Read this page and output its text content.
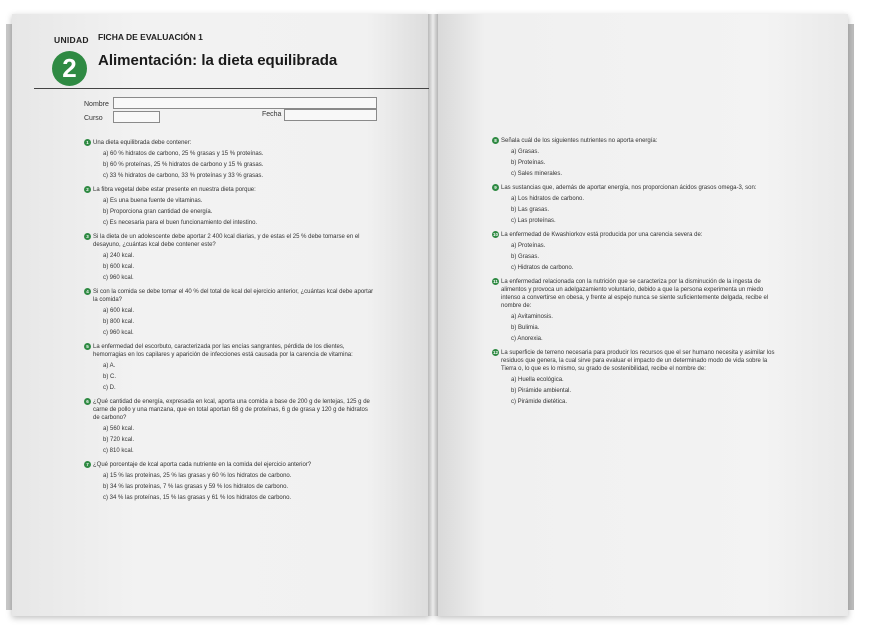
UNIDAD FICHA DE EVALUACIÓN 1
2	Alimentación: la dieta equilibrada
Nombre
Curso
Fecha
1 Una dieta equilibrada debe contener:
a) 60 % hidratos de carbono, 25 % grasas y 15 % proteínas.
b) 60 % proteínas, 25 % hidratos de carbono y 15 % grasas.
c) 33 % hidratos de carbono, 33 % proteínas y 33 % grasas.
2 La fibra vegetal debe estar presente en nuestra dieta porque:
a) Es una buena fuente de vitaminas.
b) Proporciona gran cantidad de energía.
c) Es necesaria para el buen funcionamiento del intestino.
3 Si la dieta de un adolescente debe aportar 2 400 kcal diarias, y de estas el 25 % debe tomarse en el desayuno, ¿cuántas kcal debe contener este?
a) 240 kcal.
b) 600 kcal.
c) 960 kcal.
4 Si con la comida se debe tomar el 40 % del total de kcal del ejercicio anterior, ¿cuántas kcal debe aportar la comida?
a) 600 kcal.
b) 800 kcal.
c) 960 kcal.
5 La enfermedad del escorbuto, caracterizada por las encías sangrantes, pérdida de los dientes, hemorragias en los capilares y aparición de infecciones está causada por la carencia de vitamina:
a) A.
b) C.
c) D.
6 ¿Qué cantidad de energía, expresada en kcal, aporta una comida a base de 200 g de lentejas, 125 g de carne de pollo y una manzana, que en total aportan 68 g de proteínas, 6 g de grasa y 120 g de hidratos de carbono?
a) 560 kcal.
b) 720 kcal.
c) 810 kcal.
7 ¿Qué porcentaje de kcal aporta cada nutriente en la comida del ejercicio anterior?
a) 15 % las proteínas, 25 % las grasas y 60 % los hidratos de carbono.
b) 34 % las proteínas, 7 % las grasas y 59 % los hidratos de carbono.
c) 34 % las proteínas, 15 % las grasas y 61 % los hidratos de carbono.
8 Señala cuál de los siguientes nutrientes no aporta energía:
a) Grasas.
b) Proteínas.
c) Sales minerales.
9 Las sustancias que, además de aportar energía, nos proporcionan ácidos grasos omega-3, son:
a) Los hidratos de carbono.
b) Las grasas.
c) Las proteínas.
10 La enfermedad de Kwashiorkov está producida por una carencia severa de:
a) Proteínas.
b) Grasas.
c) Hidratos de carbono.
11 La enfermedad relacionada con la nutrición que se caracteriza por la disminución de la ingesta de alimentos y provoca un adelgazamiento voluntario, debido a que la persona experimenta un miedo intenso a convertirse en obesa, y frente al espejo nunca se siente suficientemente delgada, recibe el nombre de:
a) Avitaminosis.
b) Bulimia.
c) Anorexia.
12 La superficie de terreno necesaria para producir los recursos que el ser humano necesita y asimilar los residuos que genera, la cual sirve para evaluar el impacto de un determinado modo de vida sobre la Tierra o, lo que es lo mismo, su grado de sostenibilidad, recibe el nombre de:
a) Huella ecológica.
b) Pirámide ambiental.
c) Pirámide dietética.
